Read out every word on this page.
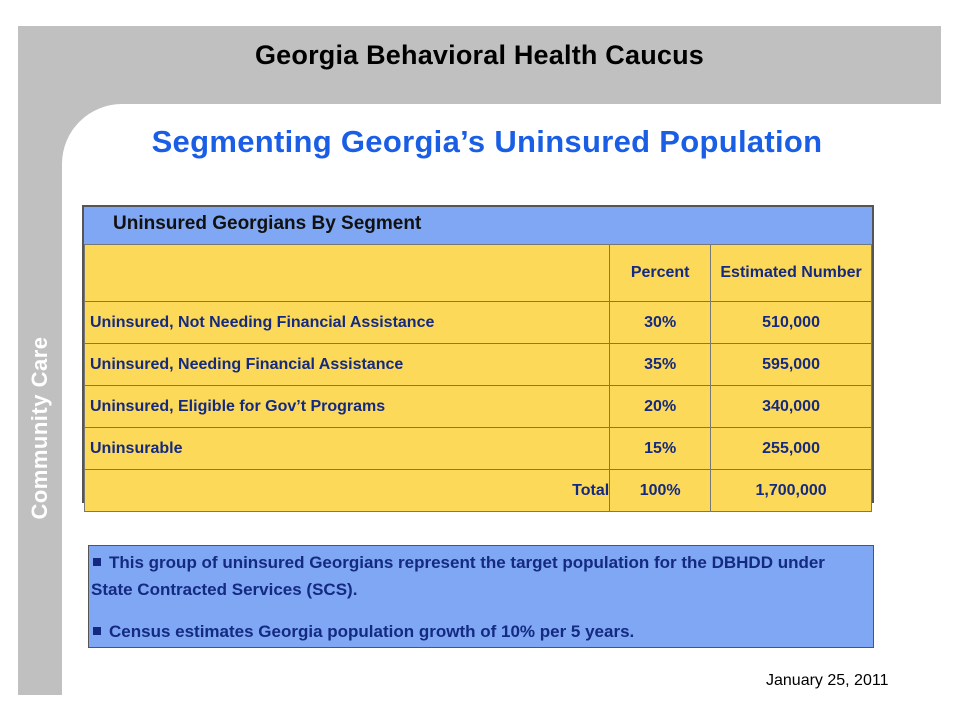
Georgia Behavioral Health Caucus
Community Care
Segmenting Georgia’s Uninsured Population
Uninsured Georgians By Segment
	Percent	Estimated Number
Uninsured, Not Needing Financial Assistance	30%	510,000
Uninsured, Needing Financial Assistance	35%	595,000
Uninsured, Eligible for Gov’t Programs	20%	340,000
Uninsurable	15%	255,000
Total	100%	1,700,000

This group of uninsured Georgians represent the target population for the DBHDD under State Contracted Services (SCS).

Census estimates Georgia population growth of 10% per 5 years.

January 25, 2011
